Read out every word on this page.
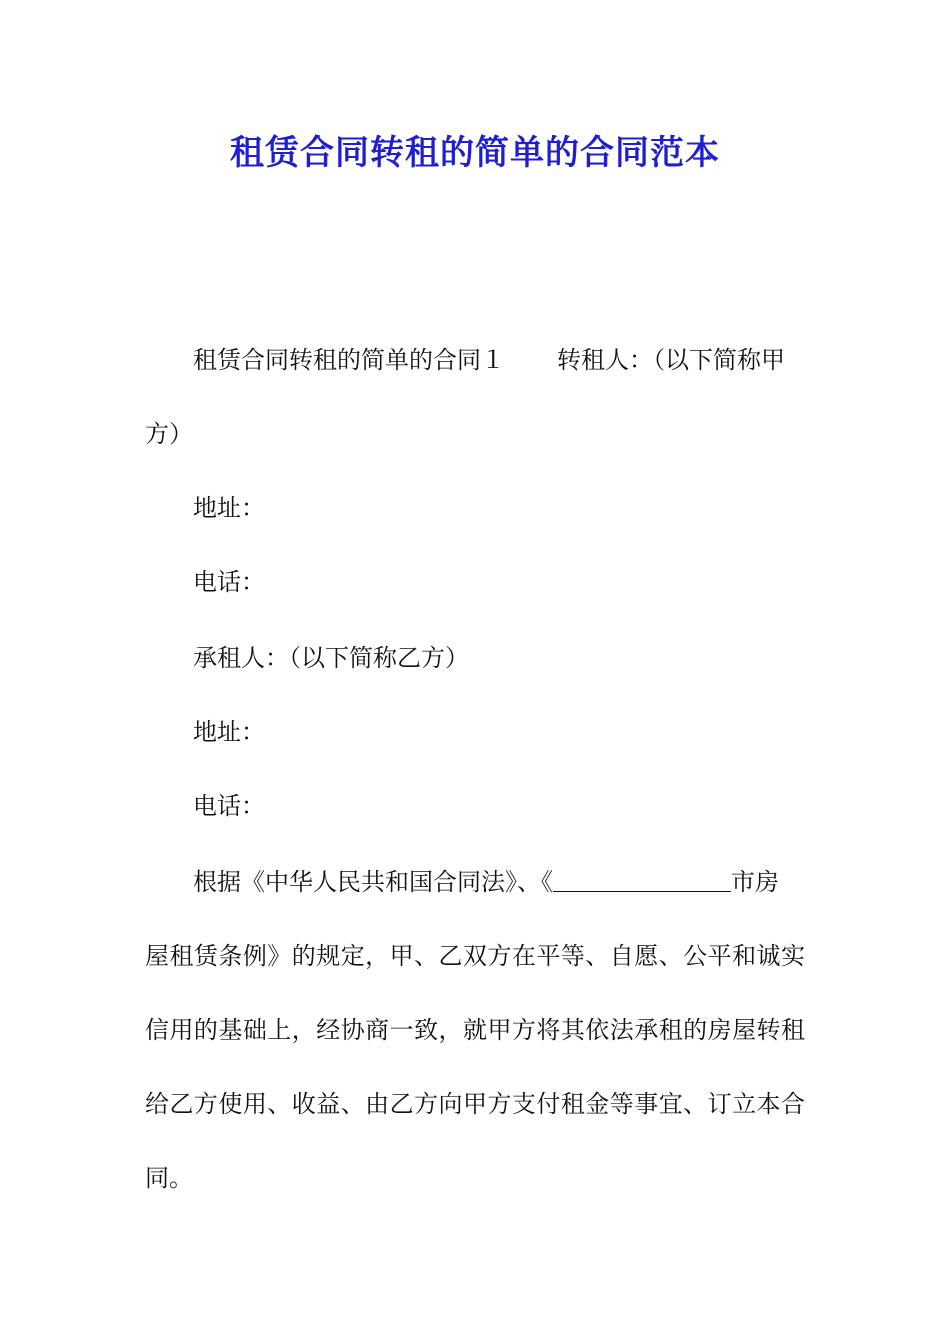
租赁合同转租的简单的合同范本
租赁合同转租的简单的合同１ 转租人：（以下简称甲
方）
地址：
电话：
承租人：（以下简称乙方）
地址：
电话：
根据《中华人民共和国合同法》、《	市房
屋租赁条例》的规定，甲、乙双方在平等、自愿、公平和诚实
信用的基础上，经协商一致，就甲方将其依法承租的房屋转租
给乙方使用、收益、由乙方向甲方支付租金等事宜、订立本合
同。
